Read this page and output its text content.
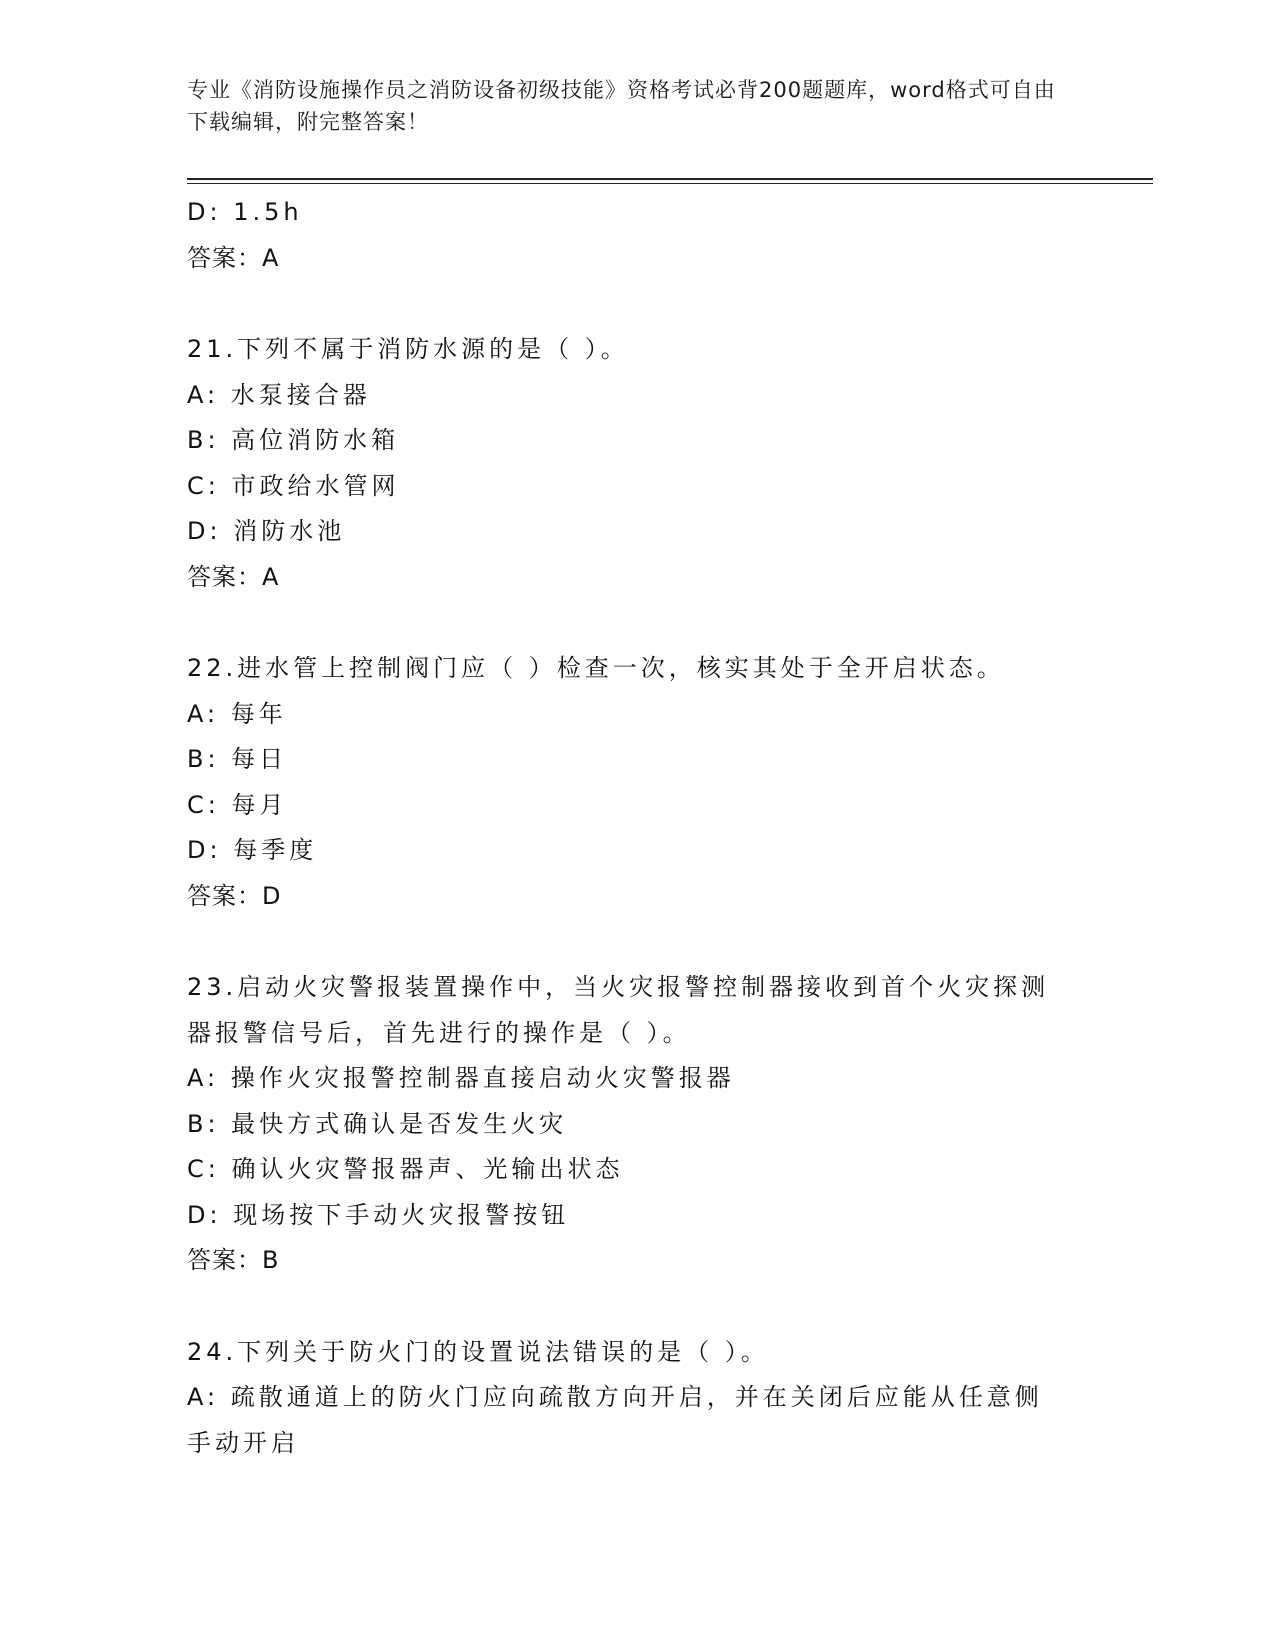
专业《消防设施操作员之消防设备初级技能》资格考试必背200题题库，word格式可自由下载编辑，附完整答案！
D: 1.5h
答案：A
21.下列不属于消防水源的是（ ）。
A: 水泵接合器
B: 高位消防水箱
C: 市政给水管网
D: 消防水池
答案：A
22.进水管上控制阀门应（ ）检查一次，核实其处于全开启状态。
A: 每年
B: 每日
C: 每月
D: 每季度
答案：D
23.启动火灾警报装置操作中，当火灾报警控制器接收到首个火灾探测器报警信号后，首先进行的操作是（ ）。
A: 操作火灾报警控制器直接启动火灾警报器
B: 最快方式确认是否发生火灾
C: 确认火灾警报器声、光输出状态
D: 现场按下手动火灾报警按钮
答案：B
24.下列关于防火门的设置说法错误的是（ ）。
A: 疏散通道上的防火门应向疏散方向开启，并在关闭后应能从任意侧手动开启
